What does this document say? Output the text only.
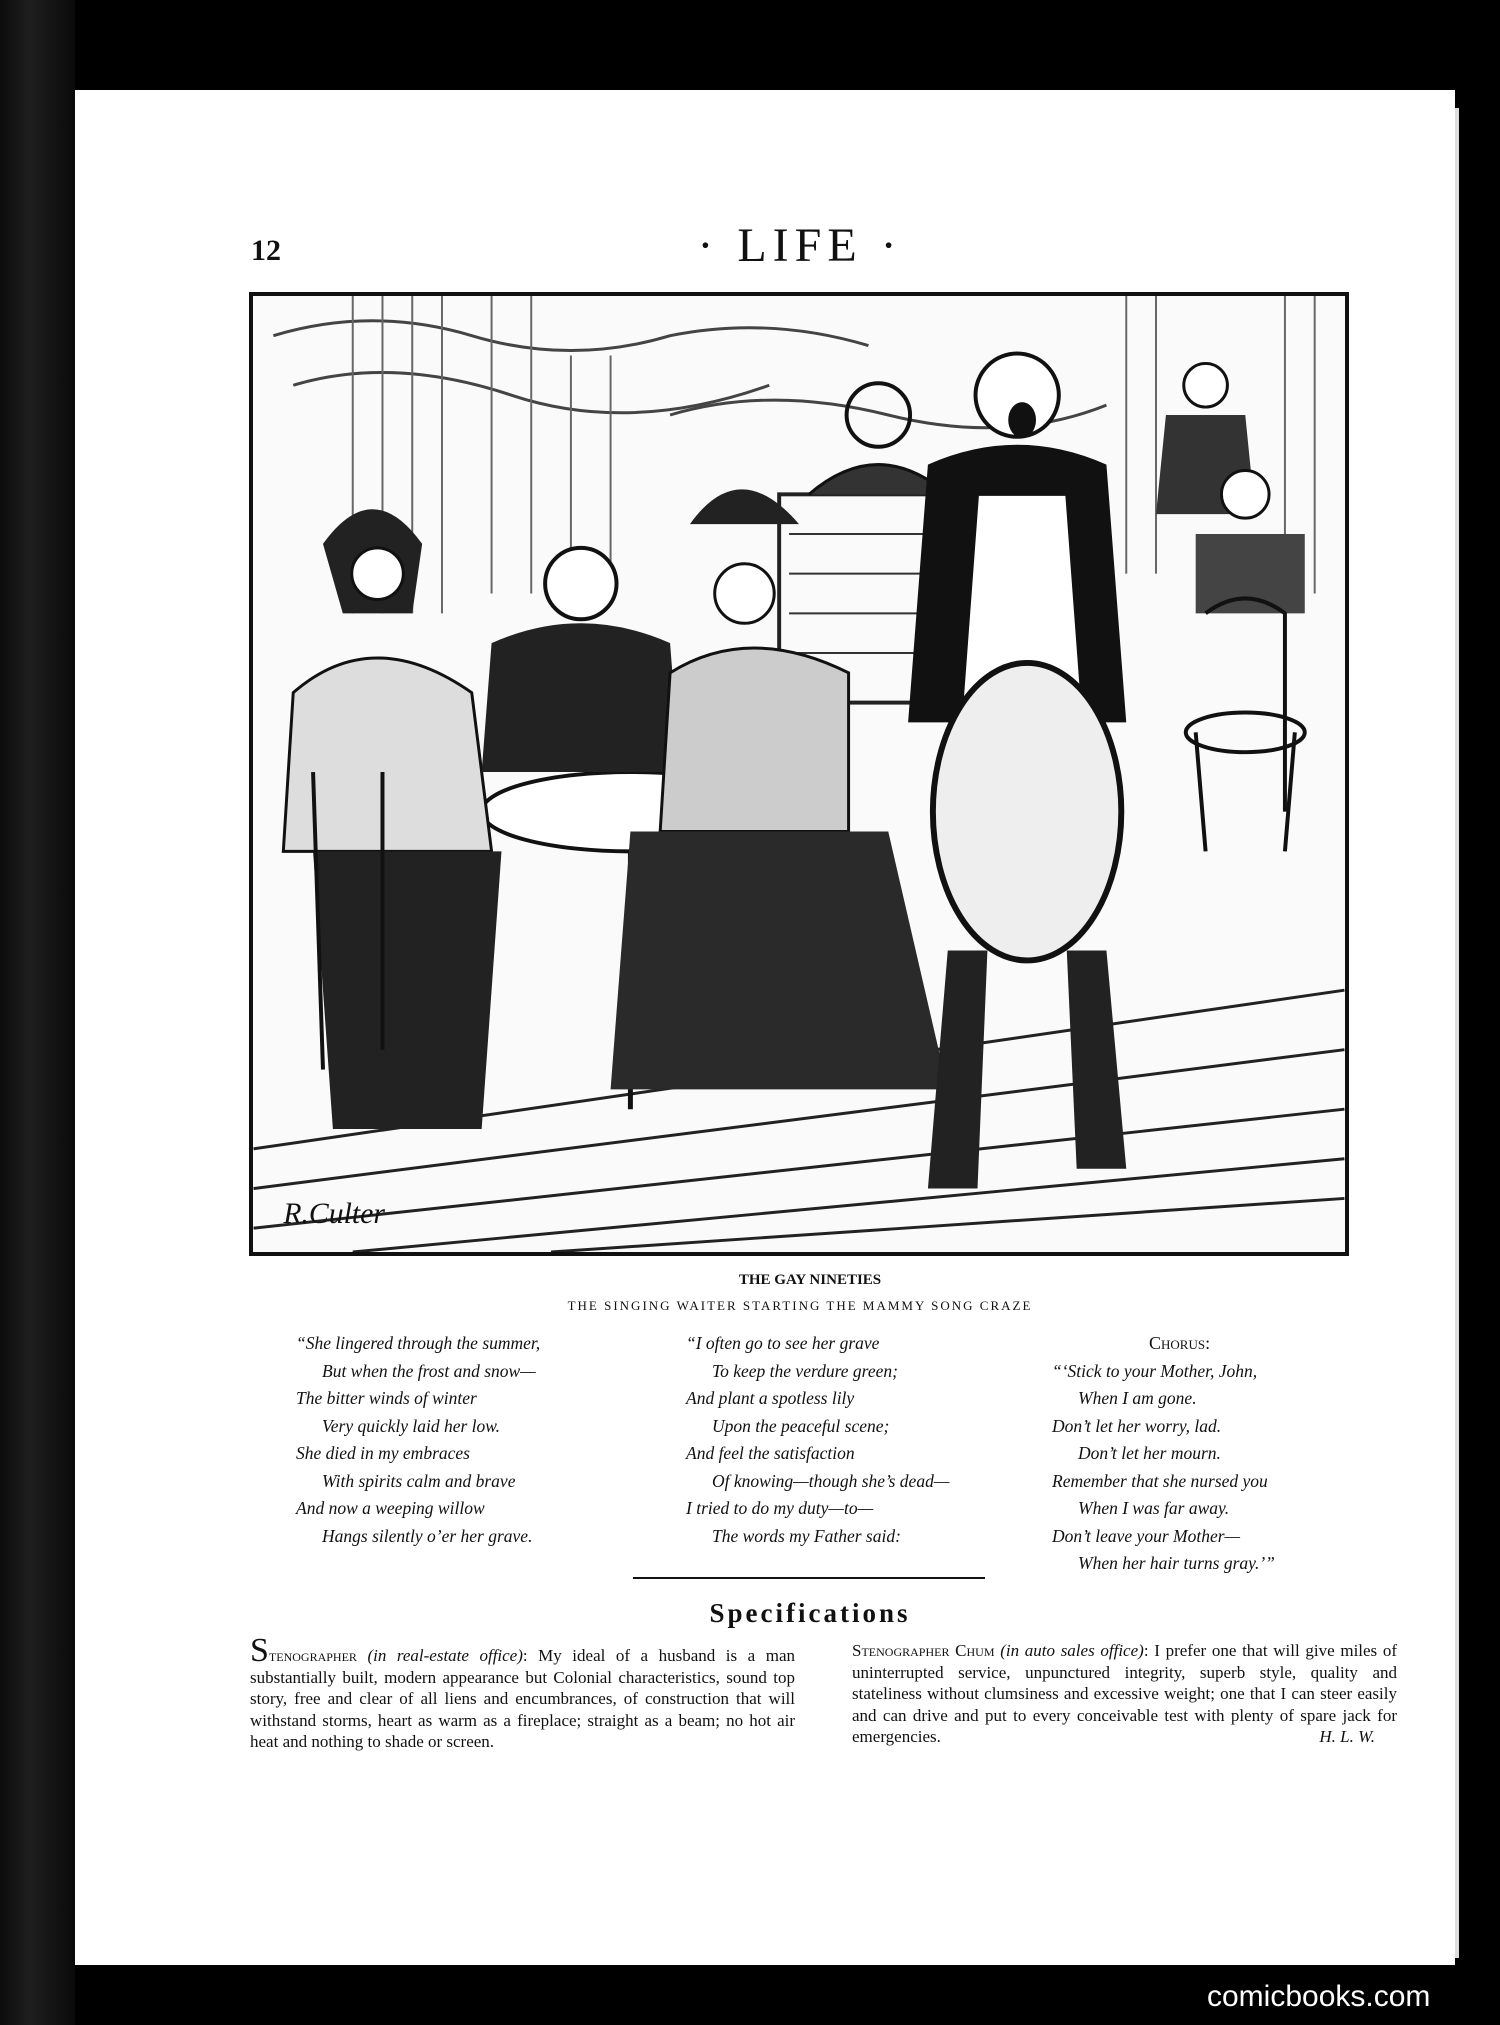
12	· LIFE ·
R.Culter
THE GAY NINETIES
THE SINGING WAITER STARTING THE MAMMY SONG CRAZE
“She lingered through the summer,
But when the frost and snow—
The bitter winds of winter
Very quickly laid her low.
She died in my embraces
With spirits calm and brave
And now a weeping willow
Hangs silently o’er her grave.
“I often go to see her grave
To keep the verdure green;
And plant a spotless lily
Upon the peaceful scene;
And feel the satisfaction
Of knowing—though she’s dead—
I tried to do my duty—to—
The words my Father said:
Chorus:
“‘Stick to your Mother, John,
When I am gone.
Don’t let her worry, lad.
Don’t let her mourn.
Remember that she nursed you
When I was far away.
Don’t leave your Mother—
When her hair turns gray.’”
Specifications
Stenographer (in real-estate office): My ideal of a husband is a man substantially built, modern appearance but Colonial characteristics, sound top story, free and clear of all liens and encumbrances, of construction that will withstand storms, heart as warm as a fireplace; straight as a beam; no hot air heat and nothing to shade or screen.
Stenographer Chum (in auto sales office): I prefer one that will give miles of uninterrupted service, unpunctured integrity, superb style, quality and stateliness without clumsiness and excessive weight; one that I can steer easily and can drive and put to every conceivable test with plenty of spare jack for emergencies.	H. L. W.
comicbooks.com
